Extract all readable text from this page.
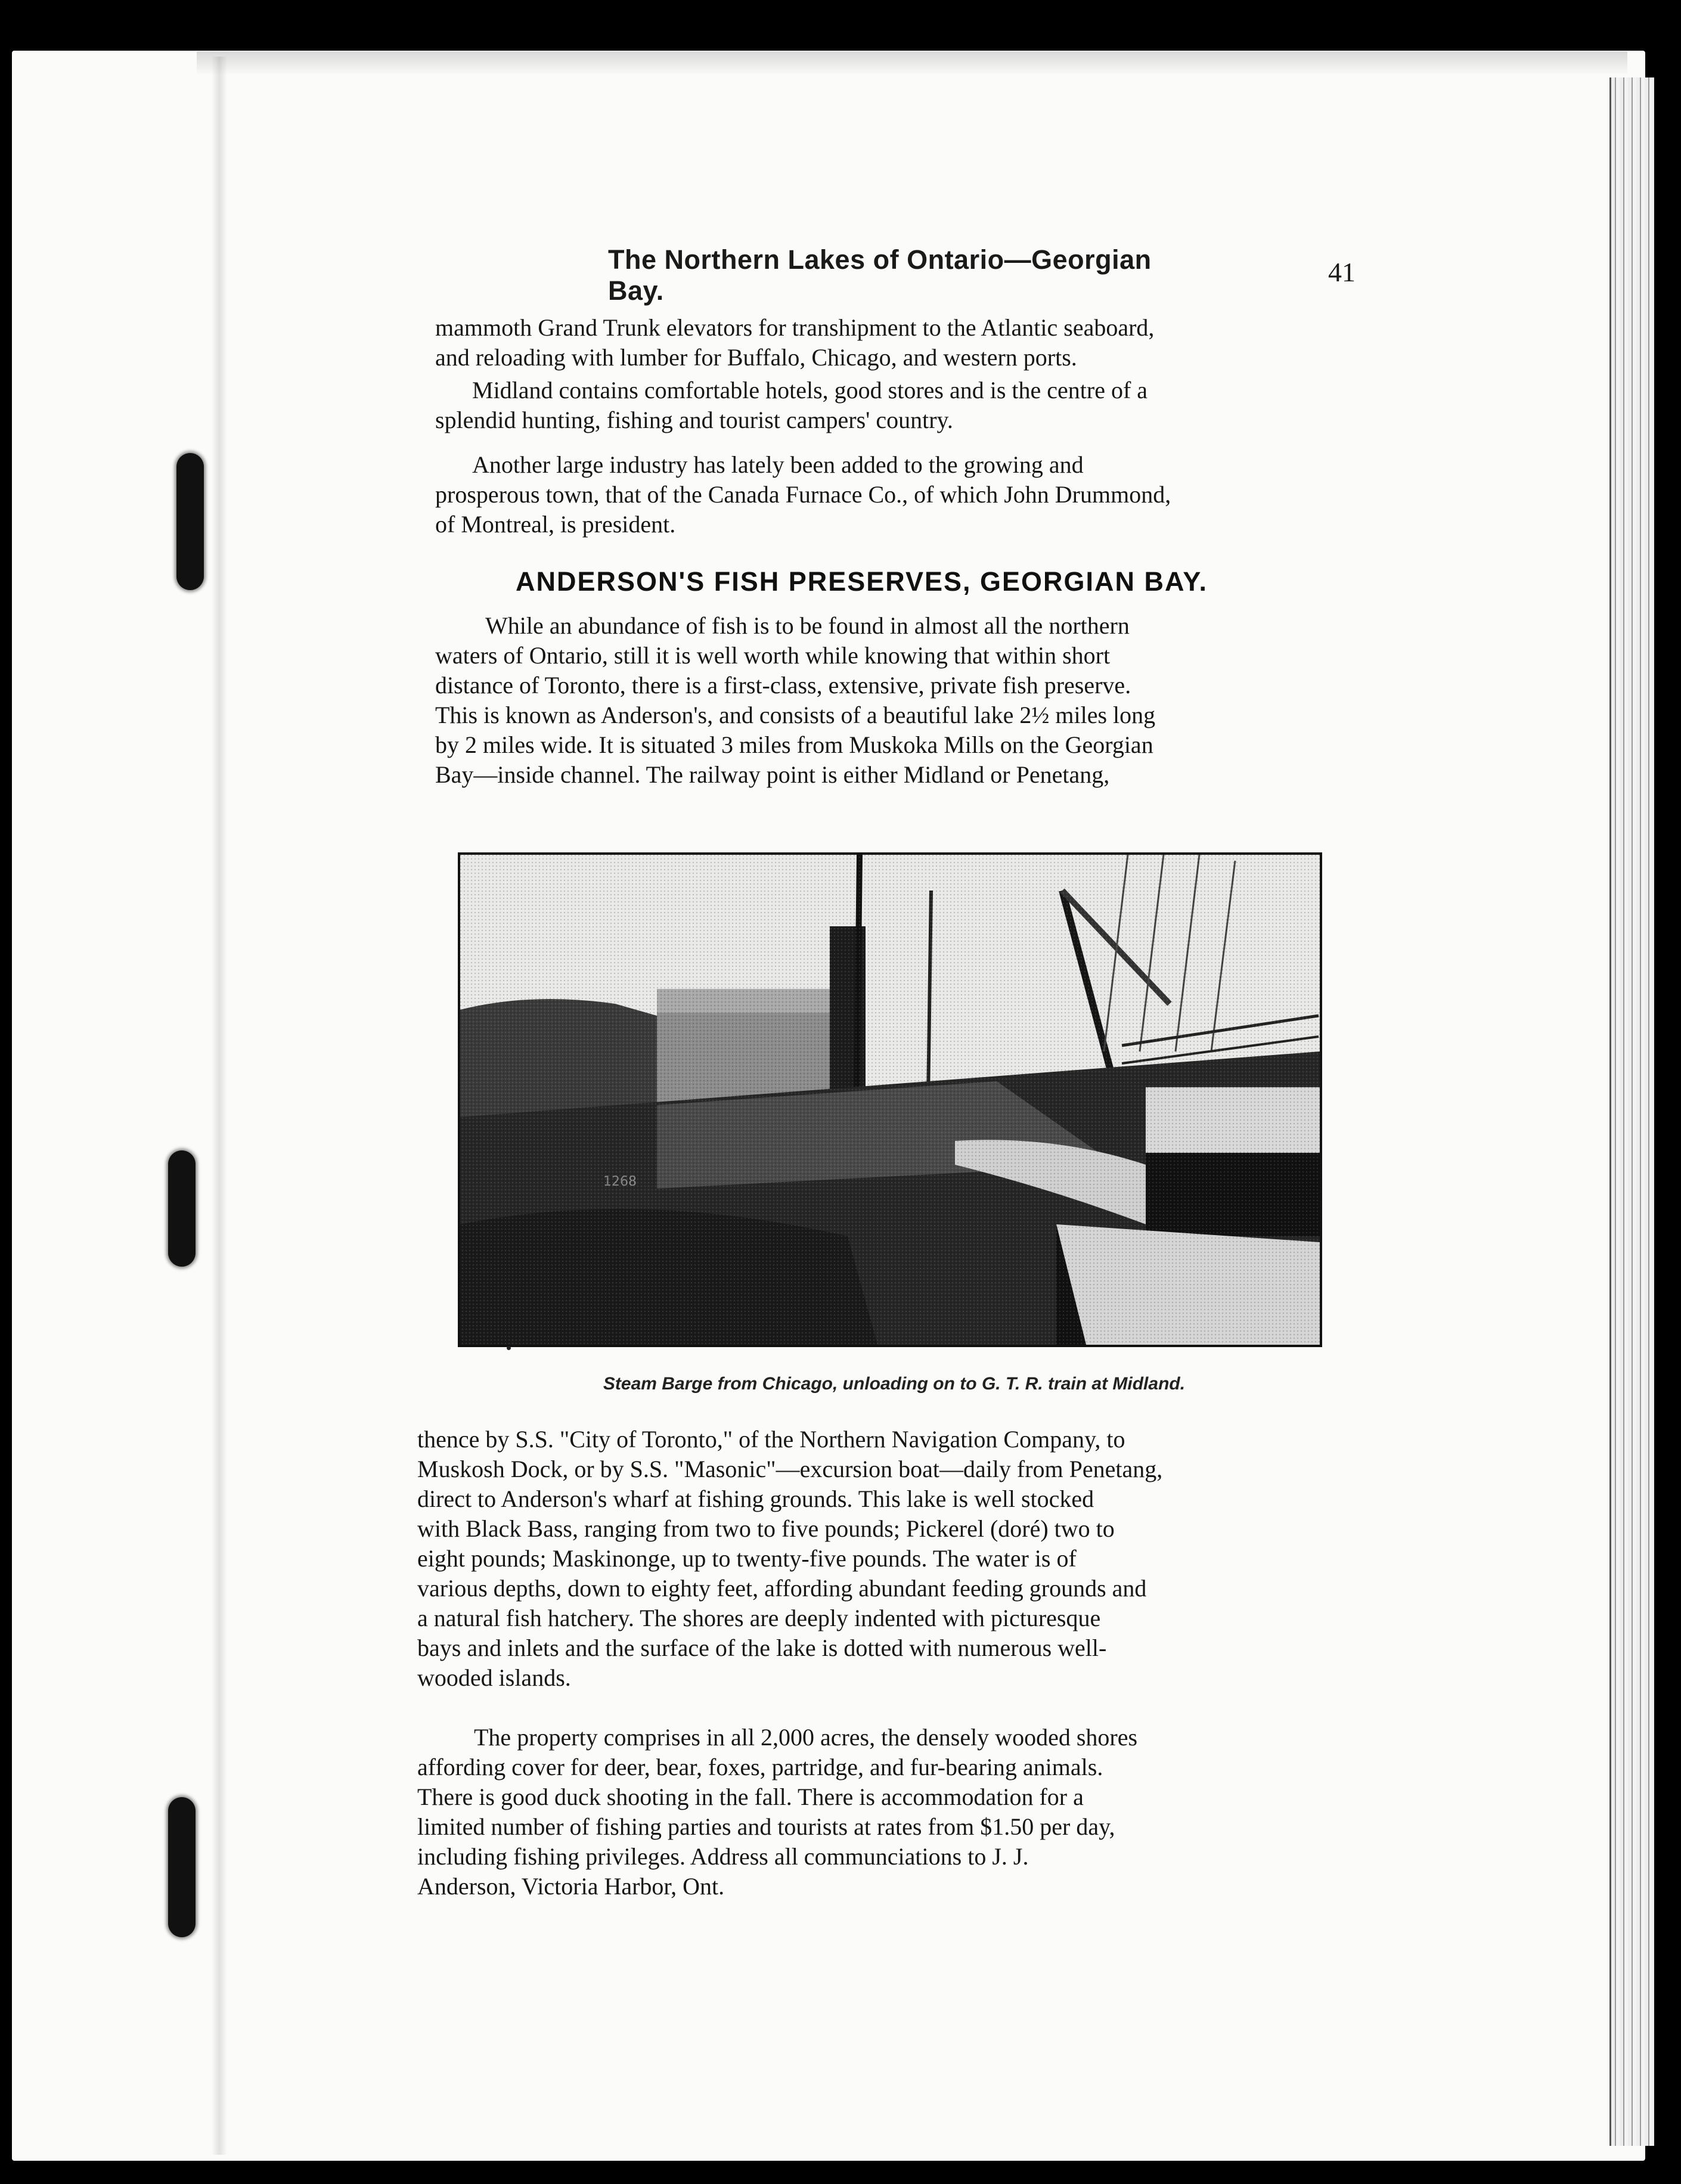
The Northern Lakes of Ontario—Georgian Bay.
41

mammoth Grand Trunk elevators for transhipment to the Atlantic seaboard,
and reloading with lumber for Buffalo, Chicago, and western ports.

Midland contains comfortable hotels, good stores and is the centre of a
splendid hunting, fishing and tourist campers' country.

Another large industry has lately been added to the growing and
prosperous town, that of the Canada Furnace Co., of which John Drummond,
of Montreal, is president.

ANDERSON'S FISH PRESERVES, GEORGIAN BAY.

While an abundance of fish is to be found in almost all the northern
waters of Ontario, still it is well worth while knowing that within short
distance of Toronto, there is a first-class, extensive, private fish preserve.
This is known as Anderson's, and consists of a beautiful lake 2½ miles long
by 2 miles wide. It is situated 3 miles from Muskoka Mills on the Georgian
Bay—inside channel. The railway point is either Midland or Penetang,

1268
Steam Barge from Chicago, unloading on to G. T. R. train at Midland.

thence by S.S. "City of Toronto," of the Northern Navigation Company, to
Muskosh Dock, or by S.S. "Masonic"—excursion boat—daily from Penetang,
direct to Anderson's wharf at fishing grounds. This lake is well stocked
with Black Bass, ranging from two to five pounds; Pickerel (doré) two to
eight pounds; Maskinonge, up to twenty-five pounds. The water is of
various depths, down to eighty feet, affording abundant feeding grounds and
a natural fish hatchery. The shores are deeply indented with picturesque
bays and inlets and the surface of the lake is dotted with numerous well-
wooded islands.

The property comprises in all 2,000 acres, the densely wooded shores
affording cover for deer, bear, foxes, partridge, and fur-bearing animals.
There is good duck shooting in the fall. There is accommodation for a
limited number of fishing parties and tourists at rates from $1.50 per day,
including fishing privileges. Address all communciations to J. J.
Anderson, Victoria Harbor, Ont.
